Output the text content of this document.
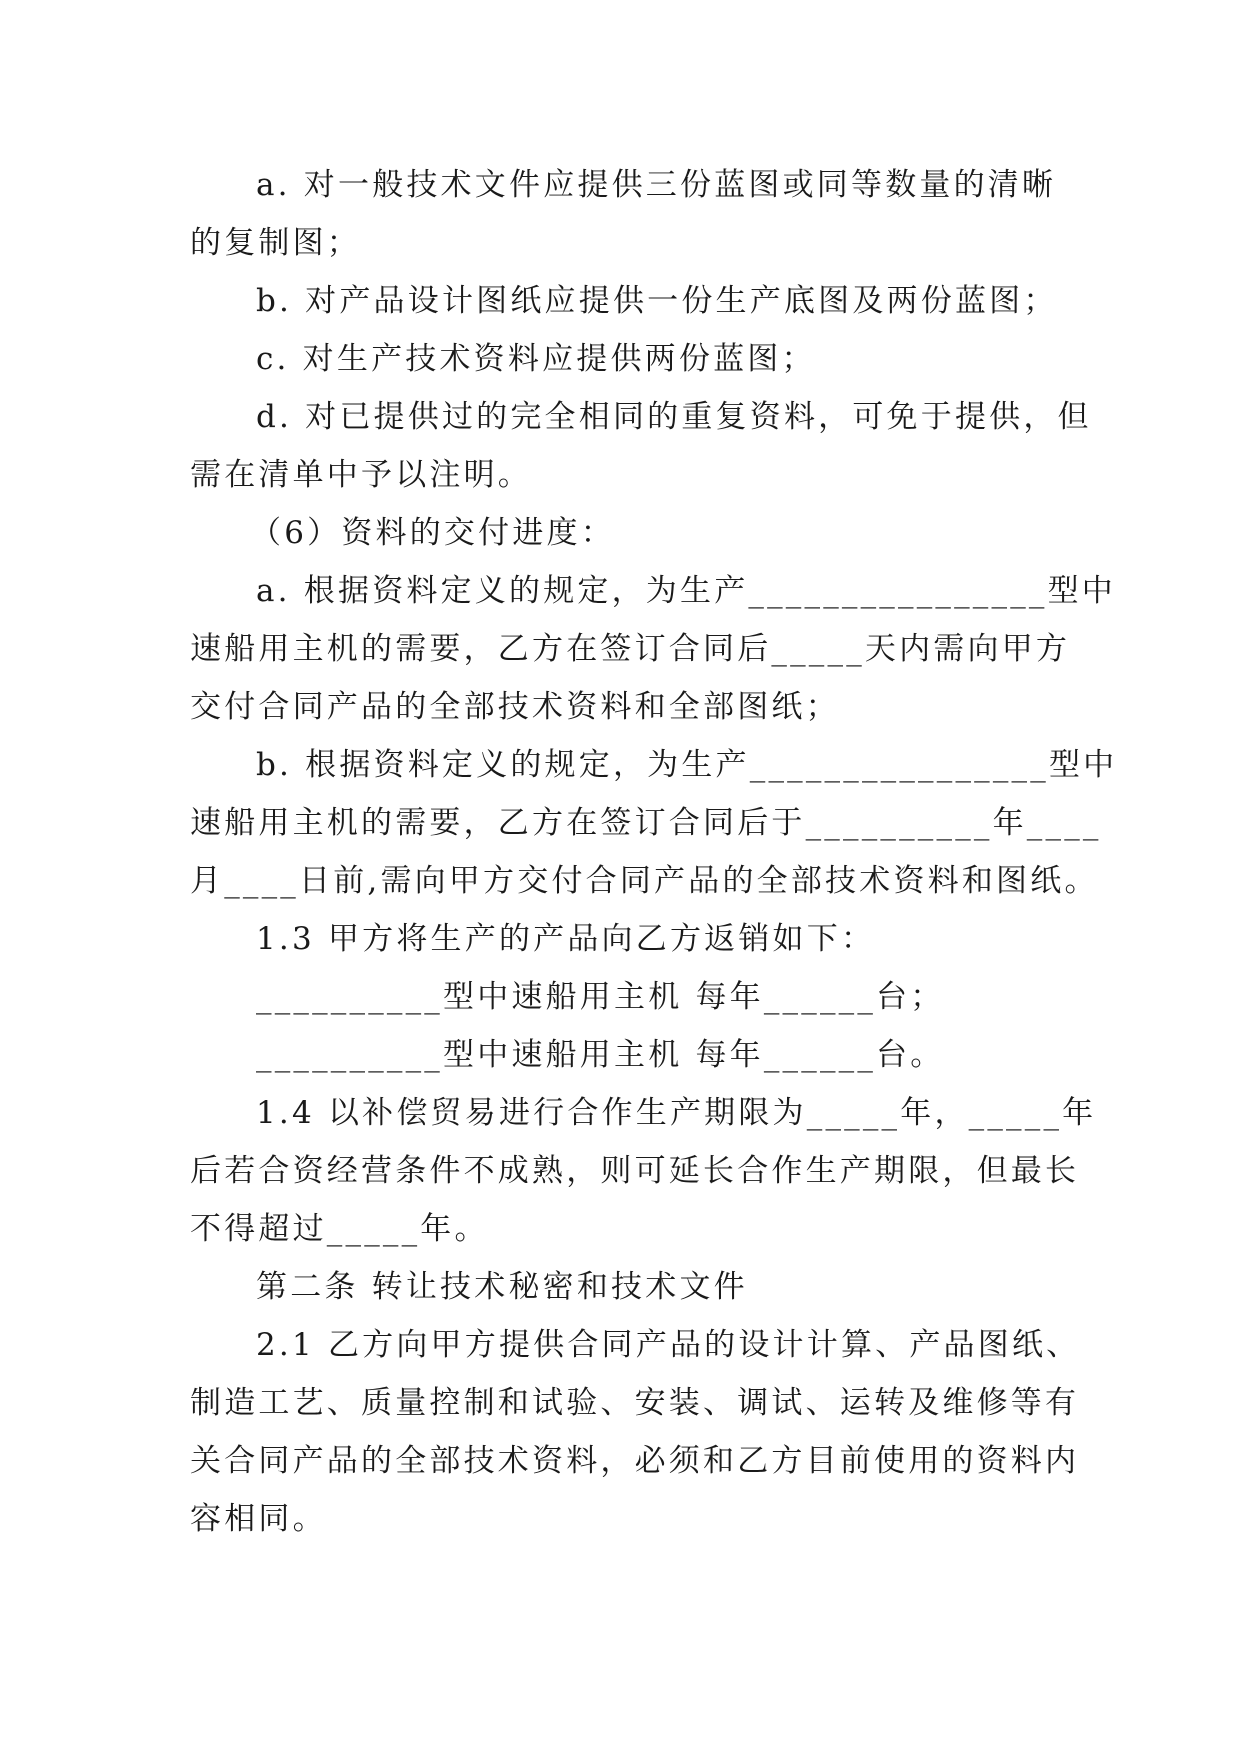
a. 对一般技术文件应提供三份蓝图或同等数量的清晰
的复制图；

b. 对产品设计图纸应提供一份生产底图及两份蓝图；

c. 对生产技术资料应提供两份蓝图；

d. 对已提供过的完全相同的重复资料，可免于提供，但
需在清单中予以注明。

（6）资料的交付进度：

a. 根据资料定义的规定，为生产________________型中
速船用主机的需要，乙方在签订合同后_____天内需向甲方
交付合同产品的全部技术资料和全部图纸；

b. 根据资料定义的规定，为生产________________型中
速船用主机的需要，乙方在签订合同后于__________年____
月____日前,需向甲方交付合同产品的全部技术资料和图纸。

1.3 甲方将生产的产品向乙方返销如下：

__________型中速船用主机 每年______台；

__________型中速船用主机 每年______台。

1.4 以补偿贸易进行合作生产期限为_____年，_____年
后若合资经营条件不成熟，则可延长合作生产期限，但最长
不得超过_____年。

第二条 转让技术秘密和技术文件

2.1 乙方向甲方提供合同产品的设计计算、产品图纸、
制造工艺、质量控制和试验、安装、调试、运转及维修等有
关合同产品的全部技术资料，必须和乙方目前使用的资料内
容相同。
